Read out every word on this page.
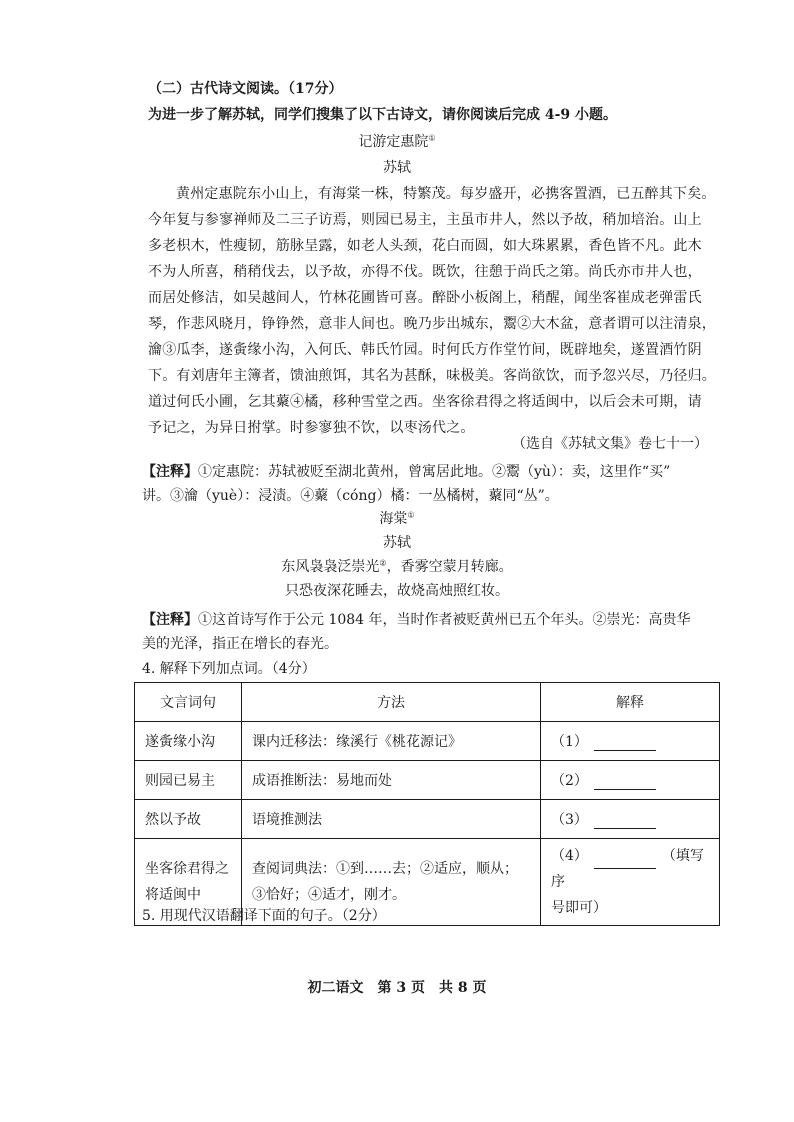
（二）古代诗文阅读。（17分）
为进一步了解苏轼，同学们搜集了以下古诗文，请你阅读后完成 4-9 小题。
记游定惠院①
苏轼
黄州定惠院东小山上，有海棠一株，特繁茂。每岁盛开，必携客置酒，已五醉其下矣。
今年复与参寥禅师及二三子访焉，则园已易主，主虽市井人，然以予故，稍加培治。山上
多老枳木，性瘦韧，筋脉呈露，如老人头颈，花白而圆，如大珠累累，香色皆不凡。此木
不为人所喜，稍稍伐去，以予故，亦得不伐。既饮，往憩于尚氏之第。尚氏亦市井人也，
而居处修洁，如吴越间人，竹林花圃皆可喜。醉卧小板阁上，稍醒，闻坐客崔成老弹雷氏
琴，作悲风晓月，铮铮然，意非人间也。晚乃步出城东，鬻②大木盆，意者谓可以注清泉，
瀹③瓜李，遂夤缘小沟，入何氏、韩氏竹园。时何氏方作堂竹间，既辟地矣，遂置酒竹阴
下。有刘唐年主簿者，馈油煎饵，其名为甚酥，味极美。客尚欲饮，而予忽兴尽，乃径归。
道过何氏小圃，乞其藂④橘，移种雪堂之西。坐客徐君得之将适闽中，以后会未可期，请
予记之，为异日拊掌。时参寥独不饮，以枣汤代之。
（选自《苏轼文集》卷七十一）
【注释】①定惠院：苏轼被贬至湖北黄州，曾寓居此地。②鬻（yù）：卖，这里作“买”
讲。③瀹（yuè）：浸渍。④藂（cóng）橘：一丛橘树，藂同“丛”。
海棠①
苏轼
东风袅袅泛崇光②，香雾空蒙月转廊。
只恐夜深花睡去，故烧高烛照红妆。
【注释】①这首诗写作于公元 1084 年，当时作者被贬黄州已五个年头。②崇光：高贵华
美的光泽，指正在增长的春光。
4. 解释下列加点词。（4分）
文言词句	方法	解释
遂夤缘小沟	课内迁移法：缘溪行《桃花源记》	（1）
则园已易主	成语推断法：易地而处	（2）
然以予故	语境推测法	（3）
坐客徐君得之
将适闽中	查阅词典法：①到……去；②适应，顺从；
③恰好；④适才，刚才。	（4） （填写序
号即可）
5. 用现代汉语翻译下面的句子。（2分）
初二语文　第 3 页　共 8 页
